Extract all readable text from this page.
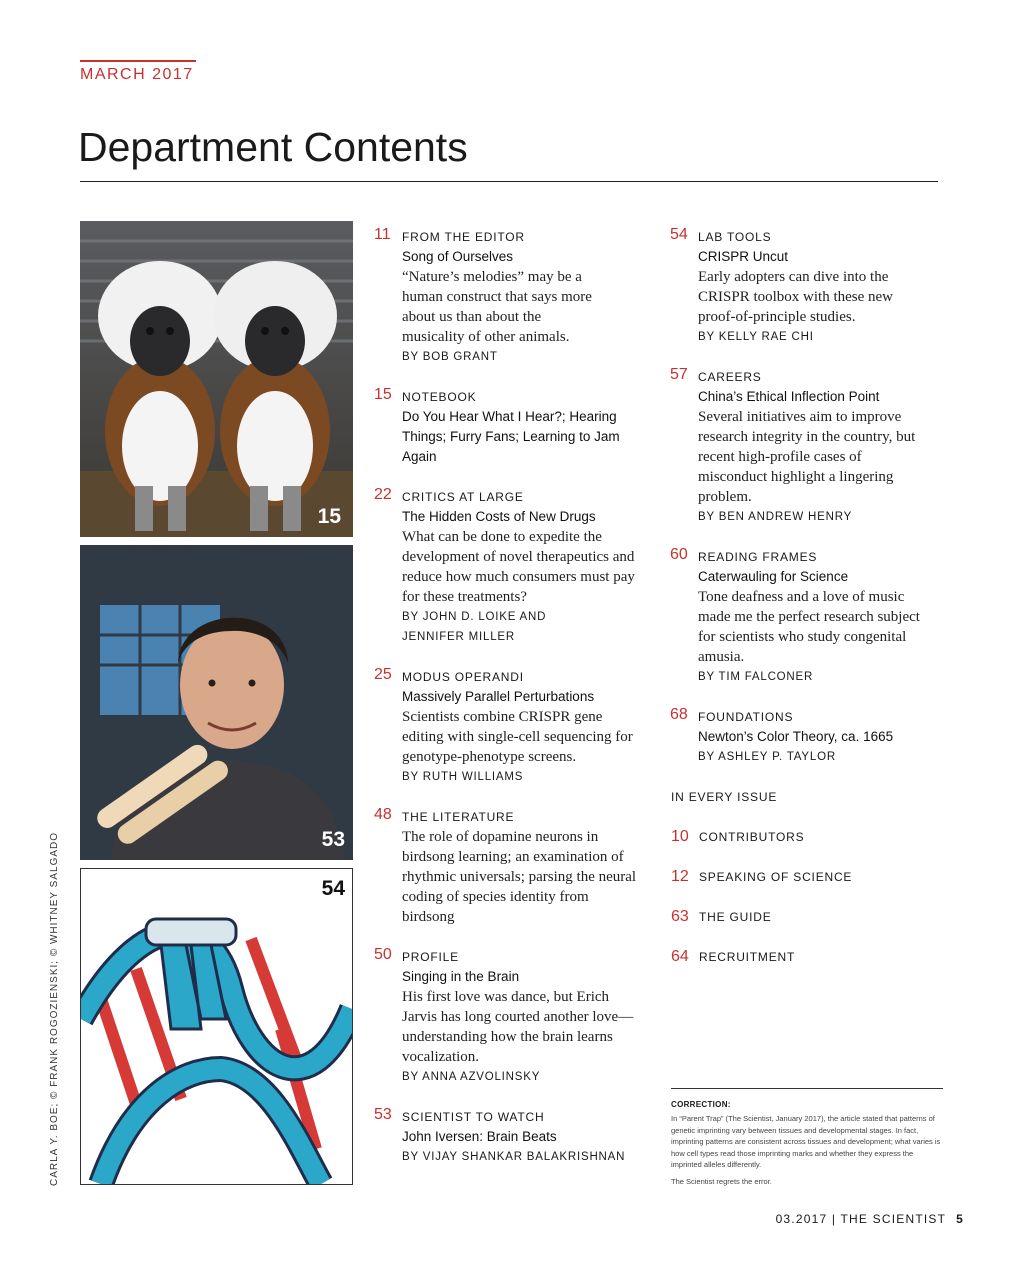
MARCH 2017
Department Contents
15
53
54
11 FROM THE EDITOR
Song of Ourselves
“Nature’s melodies” may be a human construct that says more about us than about the musicality of other animals.
BY BOB GRANT
15 NOTEBOOK
Do You Hear What I Hear?; Hearing Things; Furry Fans; Learning to Jam Again
22 CRITICS AT LARGE
The Hidden Costs of New Drugs
What can be done to expedite the development of novel therapeutics and reduce how much consumers must pay for these treatments?
BY JOHN D. LOIKE AND JENNIFER MILLER
25 MODUS OPERANDI
Massively Parallel Perturbations
Scientists combine CRISPR gene editing with single-cell sequencing for genotype-phenotype screens.
BY RUTH WILLIAMS
48 THE LITERATURE
The role of dopamine neurons in birdsong learning; an examination of rhythmic universals; parsing the neural coding of species identity from birdsong
50 PROFILE
Singing in the Brain
His first love was dance, but Erich Jarvis has long courted another love—understanding how the brain learns vocalization.
BY ANNA AZVOLINSKY
53 SCIENTIST TO WATCH
John Iversen: Brain Beats
BY VIJAY SHANKAR BALAKRISHNAN
54 LAB TOOLS
CRISPR Uncut
Early adopters can dive into the CRISPR toolbox with these new proof-of-principle studies.
BY KELLY RAE CHI
57 CAREERS
China’s Ethical Inflection Point
Several initiatives aim to improve research integrity in the country, but recent high-profile cases of misconduct highlight a lingering problem.
BY BEN ANDREW HENRY
60 READING FRAMES
Caterwauling for Science
Tone deafness and a love of music made me the perfect research subject for scientists who study congenital amusia.
BY TIM FALCONER
68 FOUNDATIONS
Newton’s Color Theory, ca. 1665
BY ASHLEY P. TAYLOR
IN EVERY ISSUE
10 CONTRIBUTORS
12 SPEAKING OF SCIENCE
63 THE GUIDE
64 RECRUITMENT
CORRECTION:
In “Parent Trap” (The Scientist, January 2017), the article stated that patterns of genetic imprinting vary between tissues and developmental stages. In fact, imprinting patterns are consistent across tissues and development; what varies is how cell types read those imprinting marks and whether they express the imprinted alleles differently.
The Scientist regrets the error.
CARLA Y. BOE; © FRANK ROGOZIENSKI; © WHITNEY SALGADO
03.2017 | THE SCIENTIST 5
